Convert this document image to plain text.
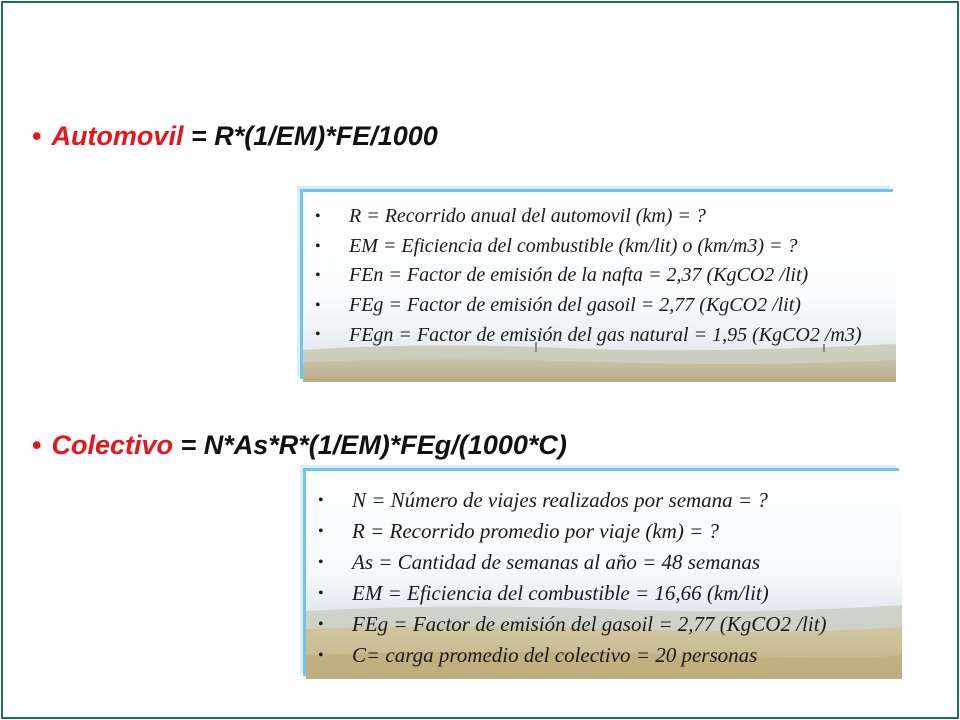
• Automovil = R*(1/EM)*FE/1000
• R = Recorrido anual del automovil (km) = ?
• EM = Eficiencia del combustible (km/lit) o (km/m3) = ?
• FEn = Factor de emisión de la nafta = 2,37 (KgCO2 /lit)
• FEg = Factor de emisión del gasoil = 2,77 (KgCO2 /lit)
• FEgn = Factor de emisión del gas natural = 1,95 (KgCO2 /m3)
• Colectivo = N*As*R*(1/EM)*FEg/(1000*C)
• N = Número de viajes realizados por semana = ?
• R = Recorrido promedio por viaje (km) = ?
• As = Cantidad de semanas al año = 48 semanas
• EM = Eficiencia del combustible = 16,66 (km/lit)
• FEg = Factor de emisión del gasoil = 2,77 (KgCO2 /lit)
• C= carga promedio del colectivo = 20 personas
